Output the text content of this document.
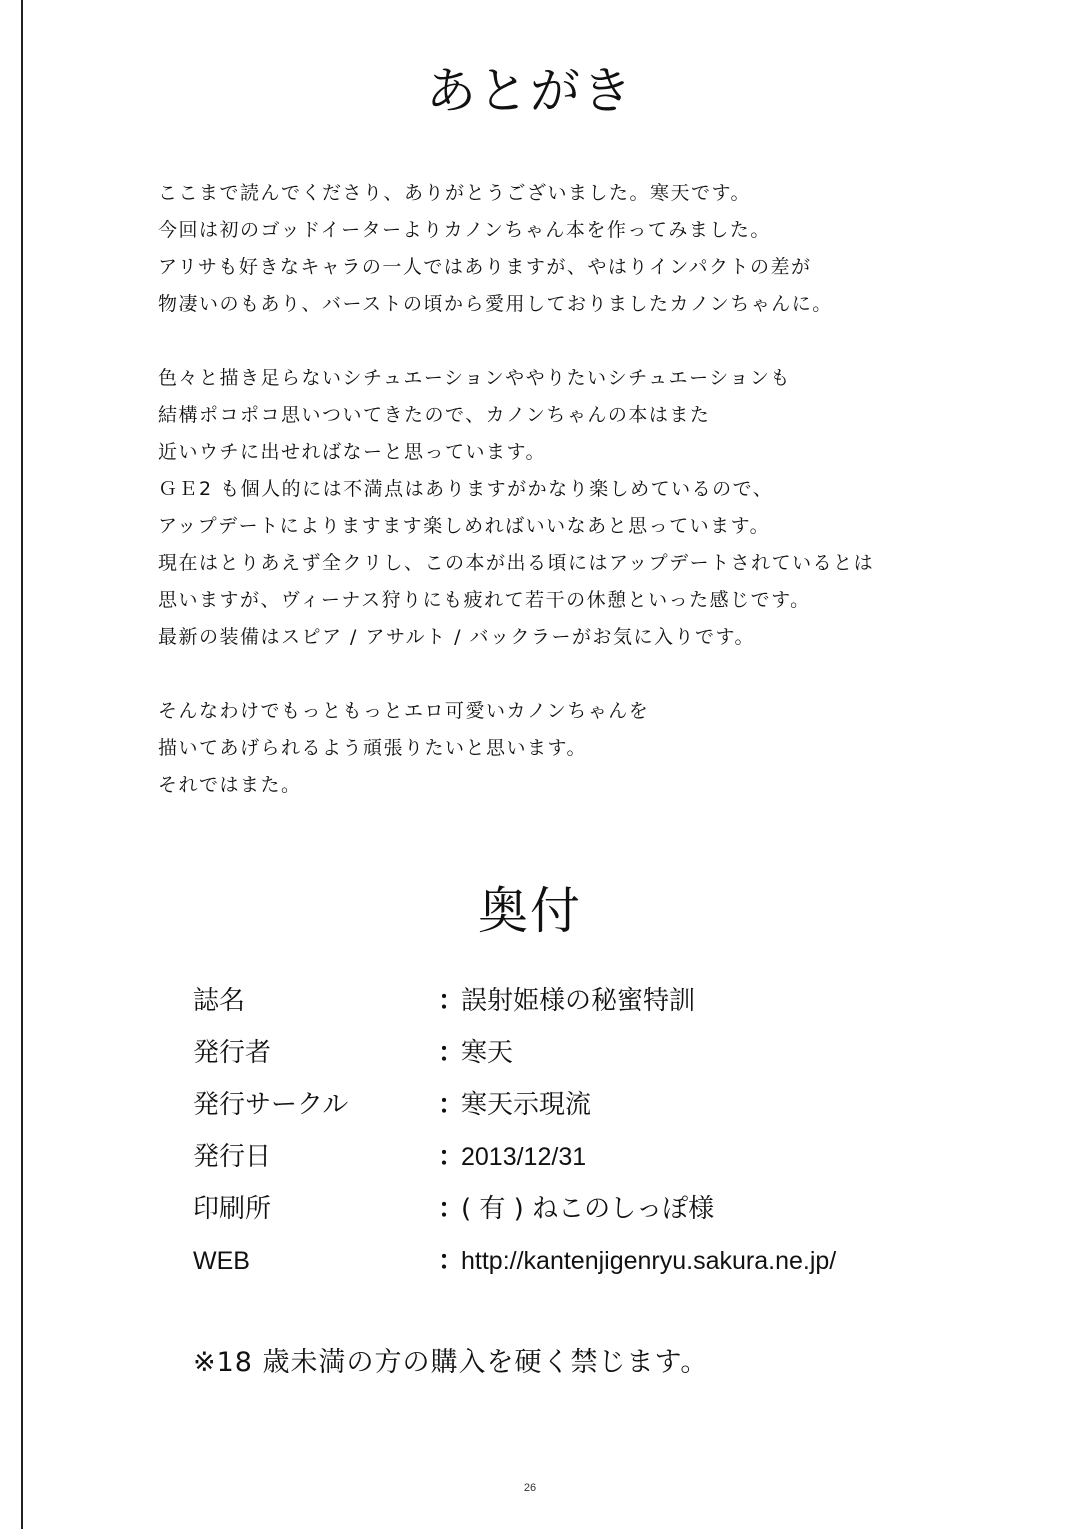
あとがき
ここまで読んでくださり、ありがとうございました。寒天です。
今回は初のゴッドイーターよりカノンちゃん本を作ってみました。
アリサも好きなキャラの一人ではありますが、やはりインパクトの差が
物凄いのもあり、バーストの頃から愛用しておりましたカノンちゃんに。
色々と描き足らないシチュエーションややりたいシチュエーションも
結構ポコポコ思いついてきたので、カノンちゃんの本はまた
近いウチに出せればなーと思っています。
ＧＥ2 も個人的には不満点はありますがかなり楽しめているので、
アップデートによりますます楽しめればいいなあと思っています。
現在はとりあえず全クリし、この本が出る頃にはアップデートされているとは
思いますが、ヴィーナス狩りにも疲れて若干の休憩といった感じです。
最新の装備はスピア / アサルト / バックラーがお気に入りです。
そんなわけでもっともっとエロ可愛いカノンちゃんを
描いてあげられるよう頑張りたいと思います。
それではまた。
奥付
誌名	：
誤射姫様の秘蜜特訓
発行者	：
寒天
発行サークル	：
寒天示現流
発行日	：
2013/12/31
印刷所	：
( 有 ) ねこのしっぽ様
WEB	：
http://kantenjigenryu.sakura.ne.jp/
※18 歳未満の方の購入を硬く禁じます。
26
